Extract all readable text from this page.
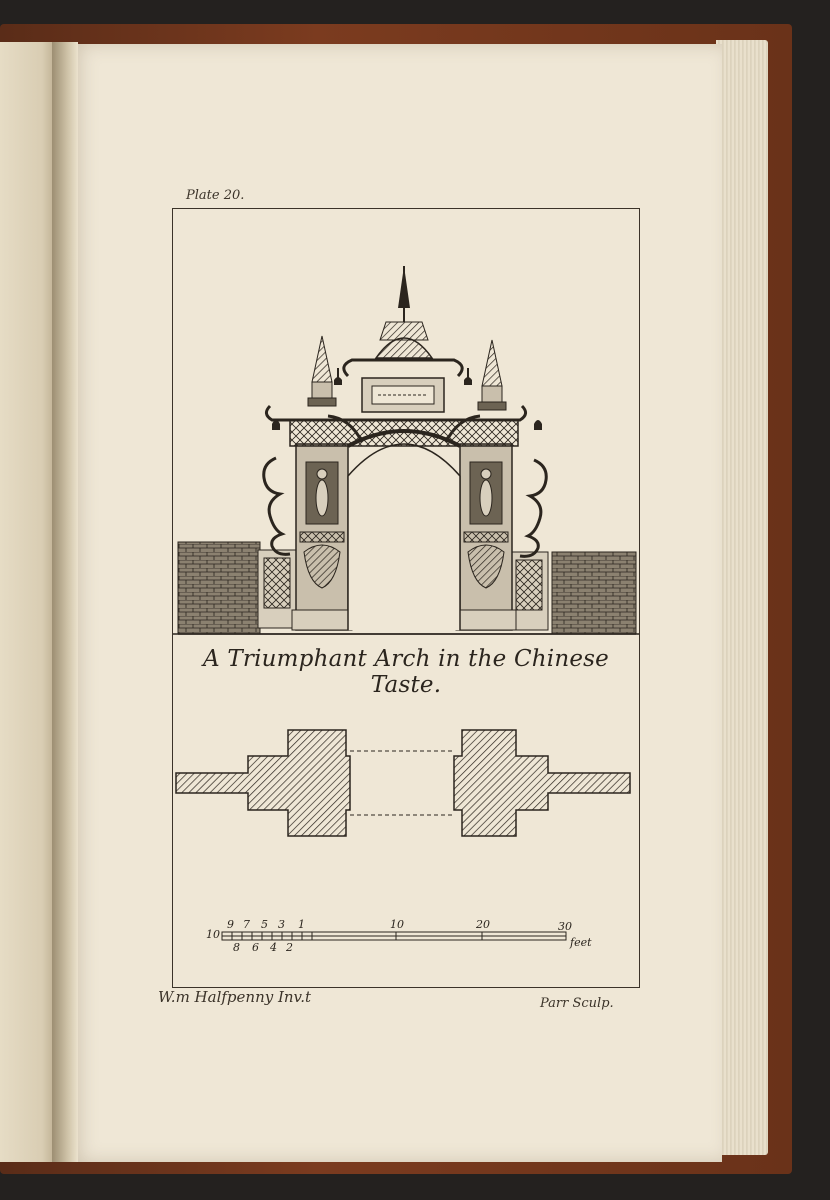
Plate 20.
10
9 7 5 3 1	10	20	30
8 6 4 2	feet
A Triumphant Arch in the Chinese Taste.
W.m Halfpenny Inv.t	Parr Sculp.
